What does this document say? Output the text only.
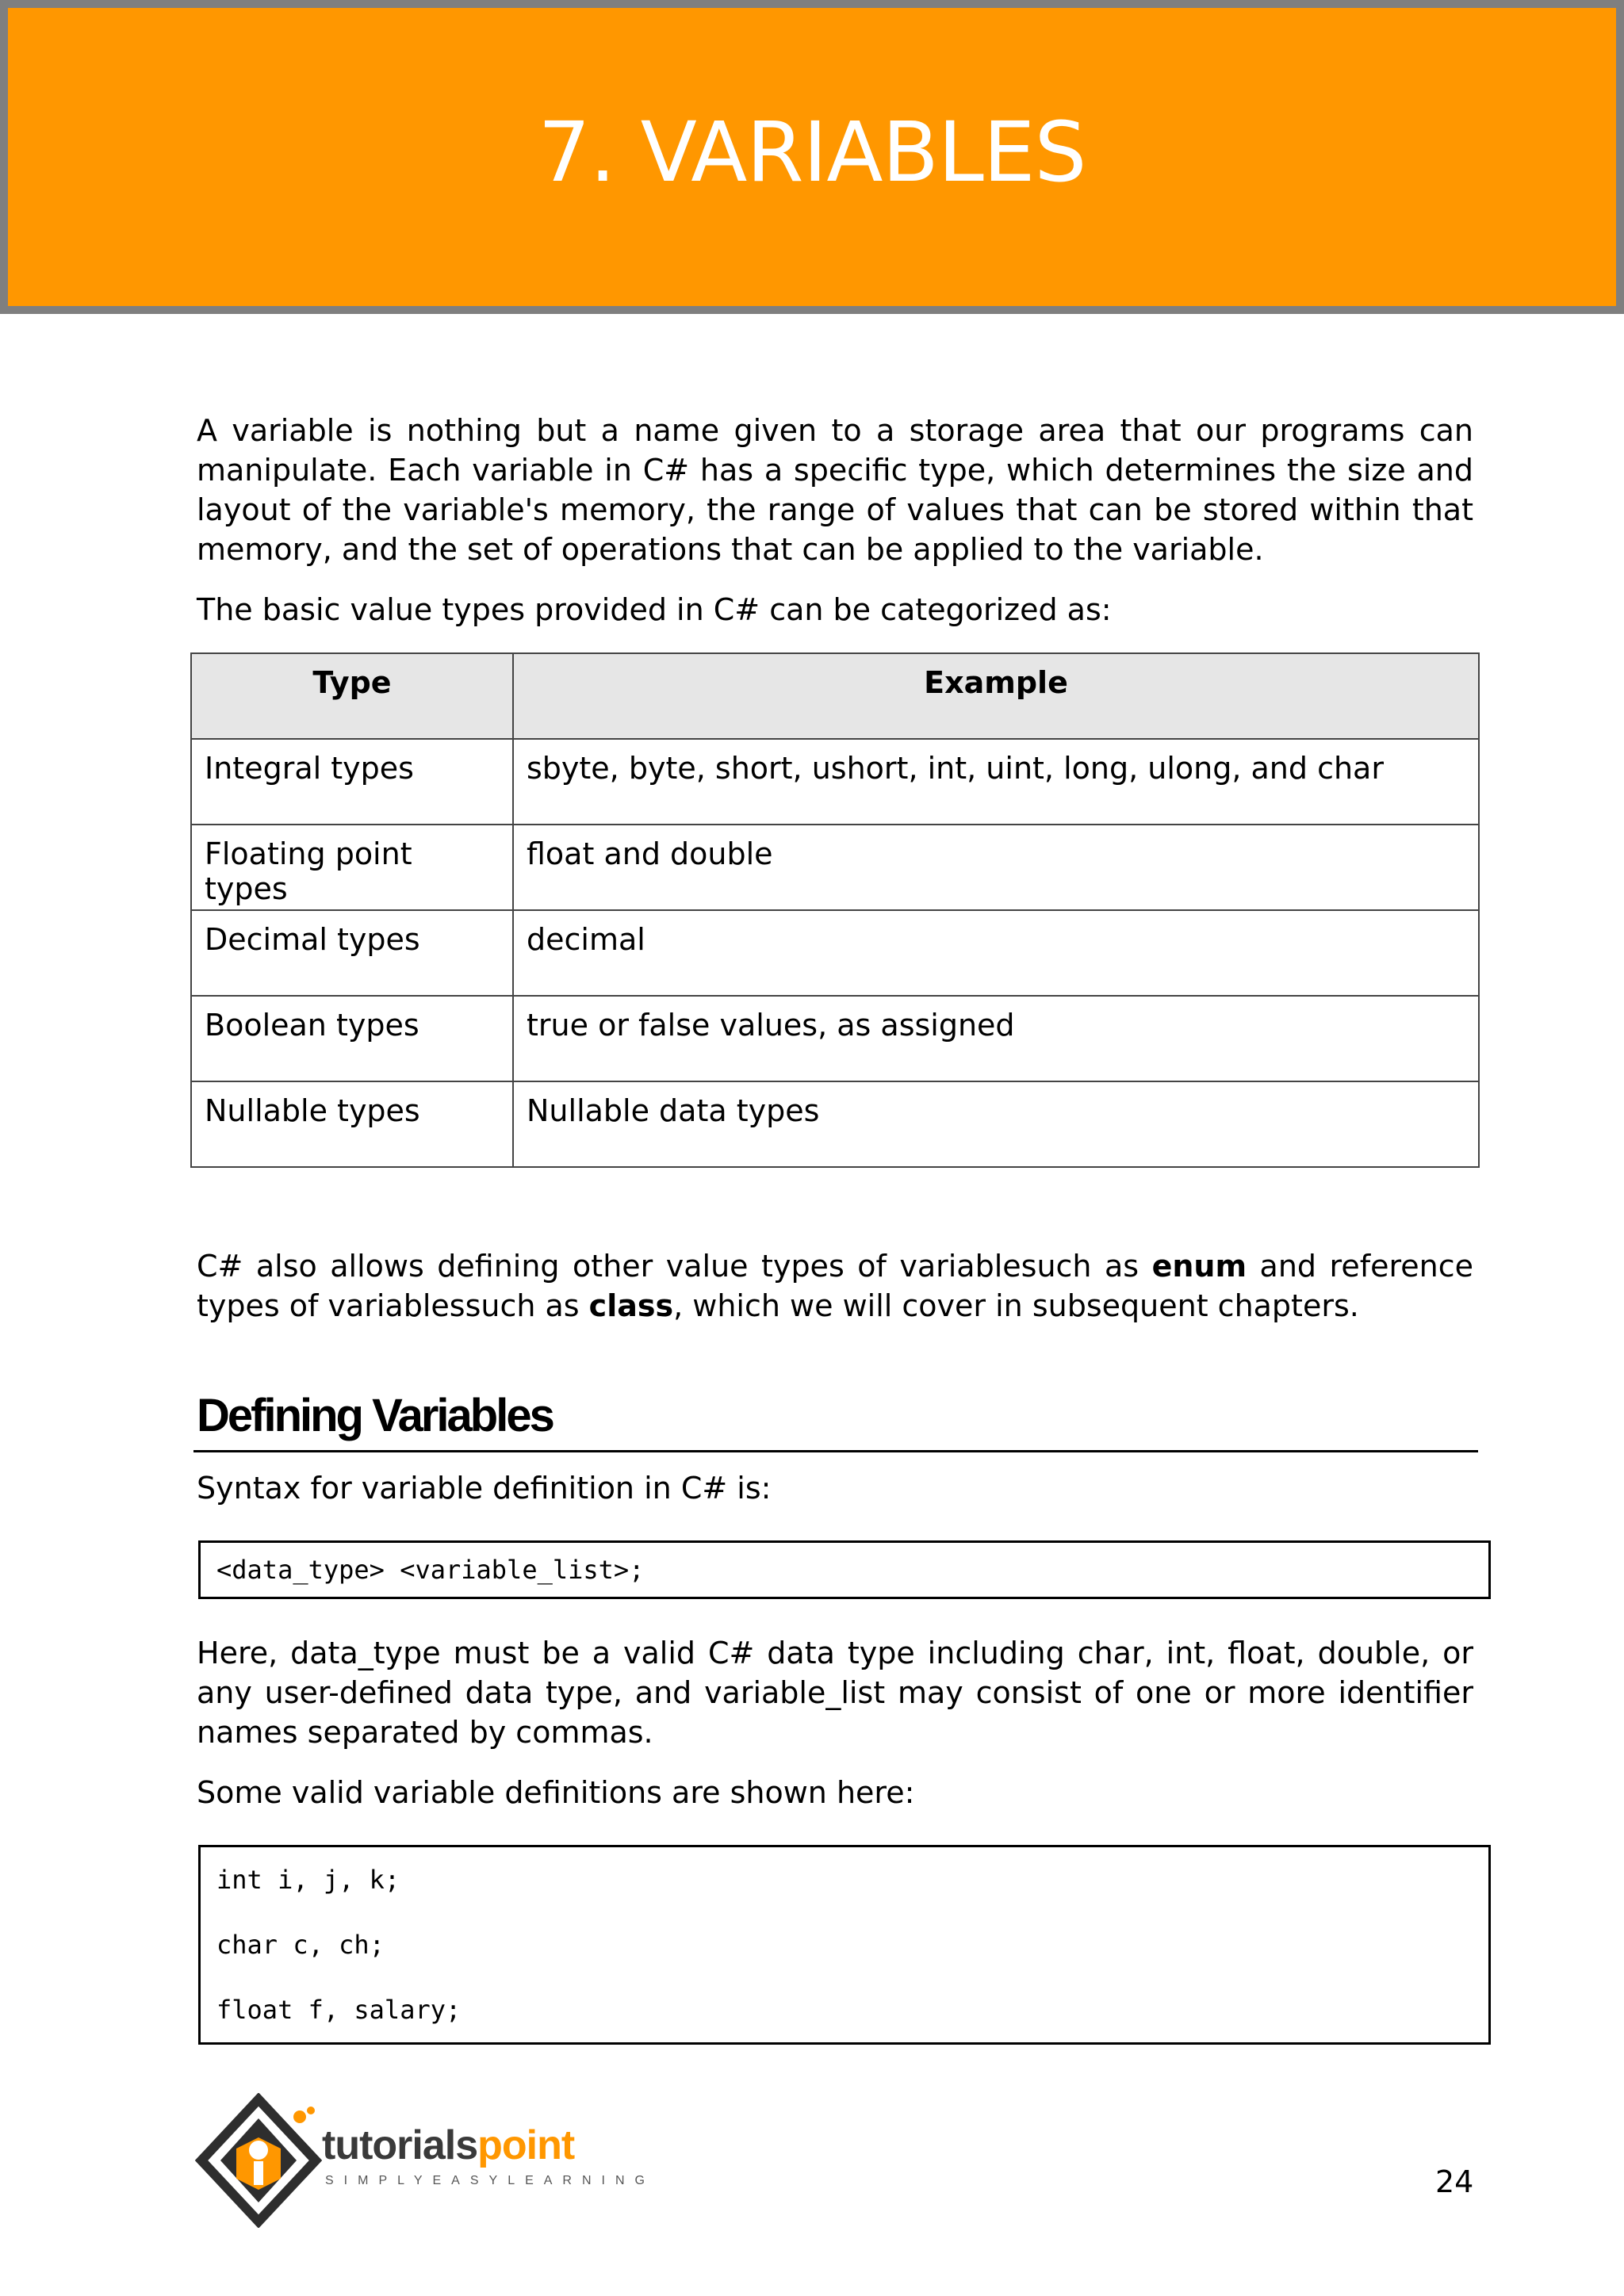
7. VARIABLES

A variable is nothing but a name given to a storage area that our programs can manipulate. Each variable in C# has a specific type, which determines the size and layout of the variable's memory, the range of values that can be stored within that memory, and the set of operations that can be applied to the variable.

The basic value types provided in C# can be categorized as:

Type	Example
Integral types	sbyte, byte, short, ushort, int, uint, long, ulong, and char
Floating point types	float and double
Decimal types	decimal
Boolean types	true or false values, as assigned
Nullable types	Nullable data types

C# also allows defining other value types of variablesuch as enum and reference types of variablessuch as class, which we will cover in subsequent chapters.

Defining Variables

Syntax for variable definition in C# is:

<data_type> <variable_list>;

Here, data_type must be a valid C# data type including char, int, float, double, or any user-defined data type, and variable_list may consist of one or more identifier names separated by commas.

Some valid variable definitions are shown here:

int i, j, k;
char c, ch;
float f, salary;
tutorialspoint
SIMPLYEASYLEARNING	24
